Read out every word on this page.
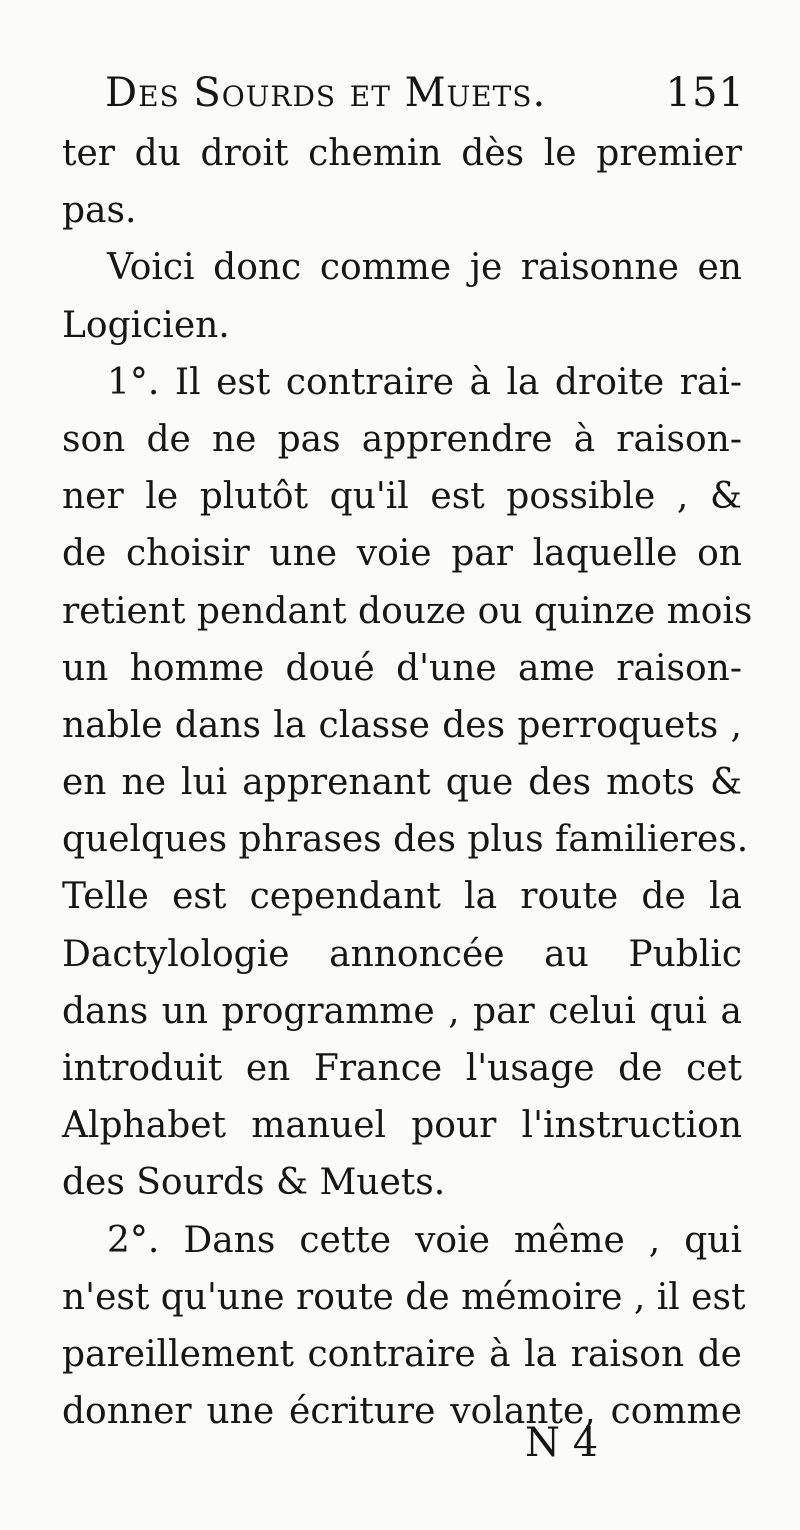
Des Sourds et Muets.	151
ter du droit chemin dès le premier
pas.
Voici donc comme je raisonne en
Logicien.
1°. Il est contraire à la droite rai-
son de ne pas apprendre à raison-
ner le plutôt qu'il est possible , &
de choisir une voie par laquelle on
retient pendant douze ou quinze mois
un homme doué d'une ame raison-
nable dans la classe des perroquets ,
en ne lui apprenant que des mots &
quelques phrases des plus familieres.
Telle est cependant la route de la
Dactylologie annoncée au Public
dans un programme , par celui qui a
introduit en France l'usage de cet
Alphabet manuel pour l'instruction
des Sourds & Muets.
2°. Dans cette voie même , qui
n'est qu'une route de mémoire , il est
pareillement contraire à la raison de
donner une écriture volante, comme
N 4
